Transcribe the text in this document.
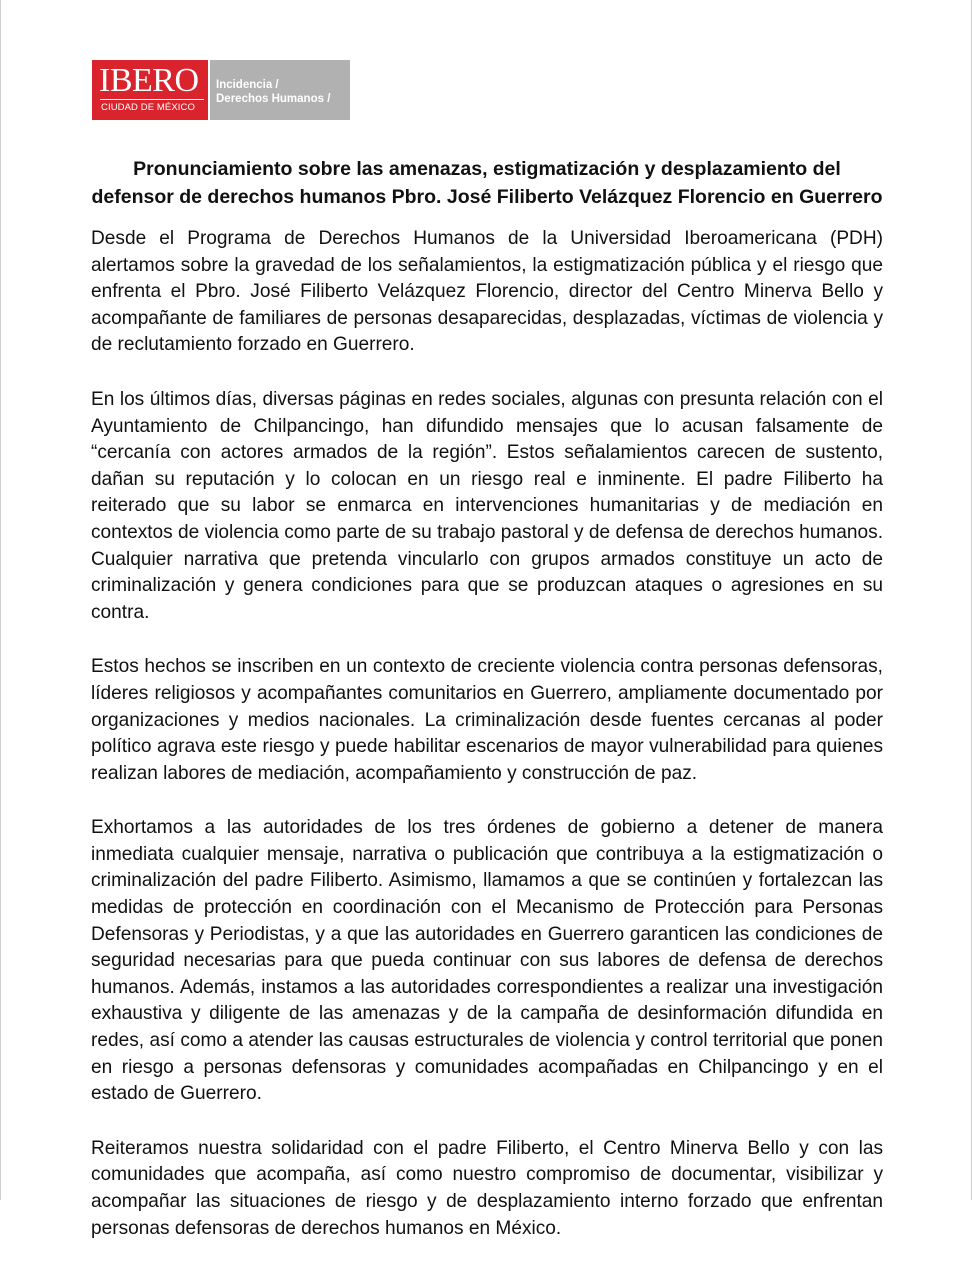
IBERO
CIUDAD DE MÉXICO
Incidencia /
Derechos Humanos /
Pronunciamiento sobre las amenazas, estigmatización y desplazamiento del defensor de derechos humanos Pbro. José Filiberto Velázquez Florencio en Guerrero

Desde el Programa de Derechos Humanos de la Universidad Iberoamericana (PDH) alertamos sobre la gravedad de los señalamientos, la estigmatización pública y el riesgo que enfrenta el Pbro. José Filiberto Velázquez Florencio, director del Centro Minerva Bello y acompañante de familiares de personas desaparecidas, desplazadas, víctimas de violencia y de reclutamiento forzado en Guerrero.

En los últimos días, diversas páginas en redes sociales, algunas con presunta relación con el Ayuntamiento de Chilpancingo, han difundido mensajes que lo acusan falsamente de “cercanía con actores armados de la región”. Estos señalamientos carecen de sustento, dañan su reputación y lo colocan en un riesgo real e inminente. El padre Filiberto ha reiterado que su labor se enmarca en intervenciones humanitarias y de mediación en contextos de violencia como parte de su trabajo pastoral y de defensa de derechos humanos. Cualquier narrativa que pretenda vincularlo con grupos armados constituye un acto de criminalización y genera condiciones para que se produzcan ataques o agresiones en su contra.

Estos hechos se inscriben en un contexto de creciente violencia contra personas defensoras, líderes religiosos y acompañantes comunitarios en Guerrero, ampliamente documentado por organizaciones y medios nacionales. La criminalización desde fuentes cercanas al poder político agrava este riesgo y puede habilitar escenarios de mayor vulnerabilidad para quienes realizan labores de mediación, acompañamiento y construcción de paz.

Exhortamos a las autoridades de los tres órdenes de gobierno a detener de manera inmediata cualquier mensaje, narrativa o publicación que contribuya a la estigmatización o criminalización del padre Filiberto. Asimismo, llamamos a que se continúen y fortalezcan las medidas de protección en coordinación con el Mecanismo de Protección para Personas Defensoras y Periodistas, y a que las autoridades en Guerrero garanticen las condiciones de seguridad necesarias para que pueda continuar con sus labores de defensa de derechos humanos. Además, instamos a las autoridades correspondientes a realizar una investigación exhaustiva y diligente de las amenazas y de la campaña de desinformación difundida en redes, así como a atender las causas estructurales de violencia y control territorial que ponen en riesgo a personas defensoras y comunidades acompañadas en Chilpancingo y en el estado de Guerrero.

Reiteramos nuestra solidaridad con el padre Filiberto, el Centro Minerva Bello y con las comunidades que acompaña, así como nuestro compromiso de documentar, visibilizar y acompañar las situaciones de riesgo y de desplazamiento interno forzado que enfrentan personas defensoras de derechos humanos en México.
